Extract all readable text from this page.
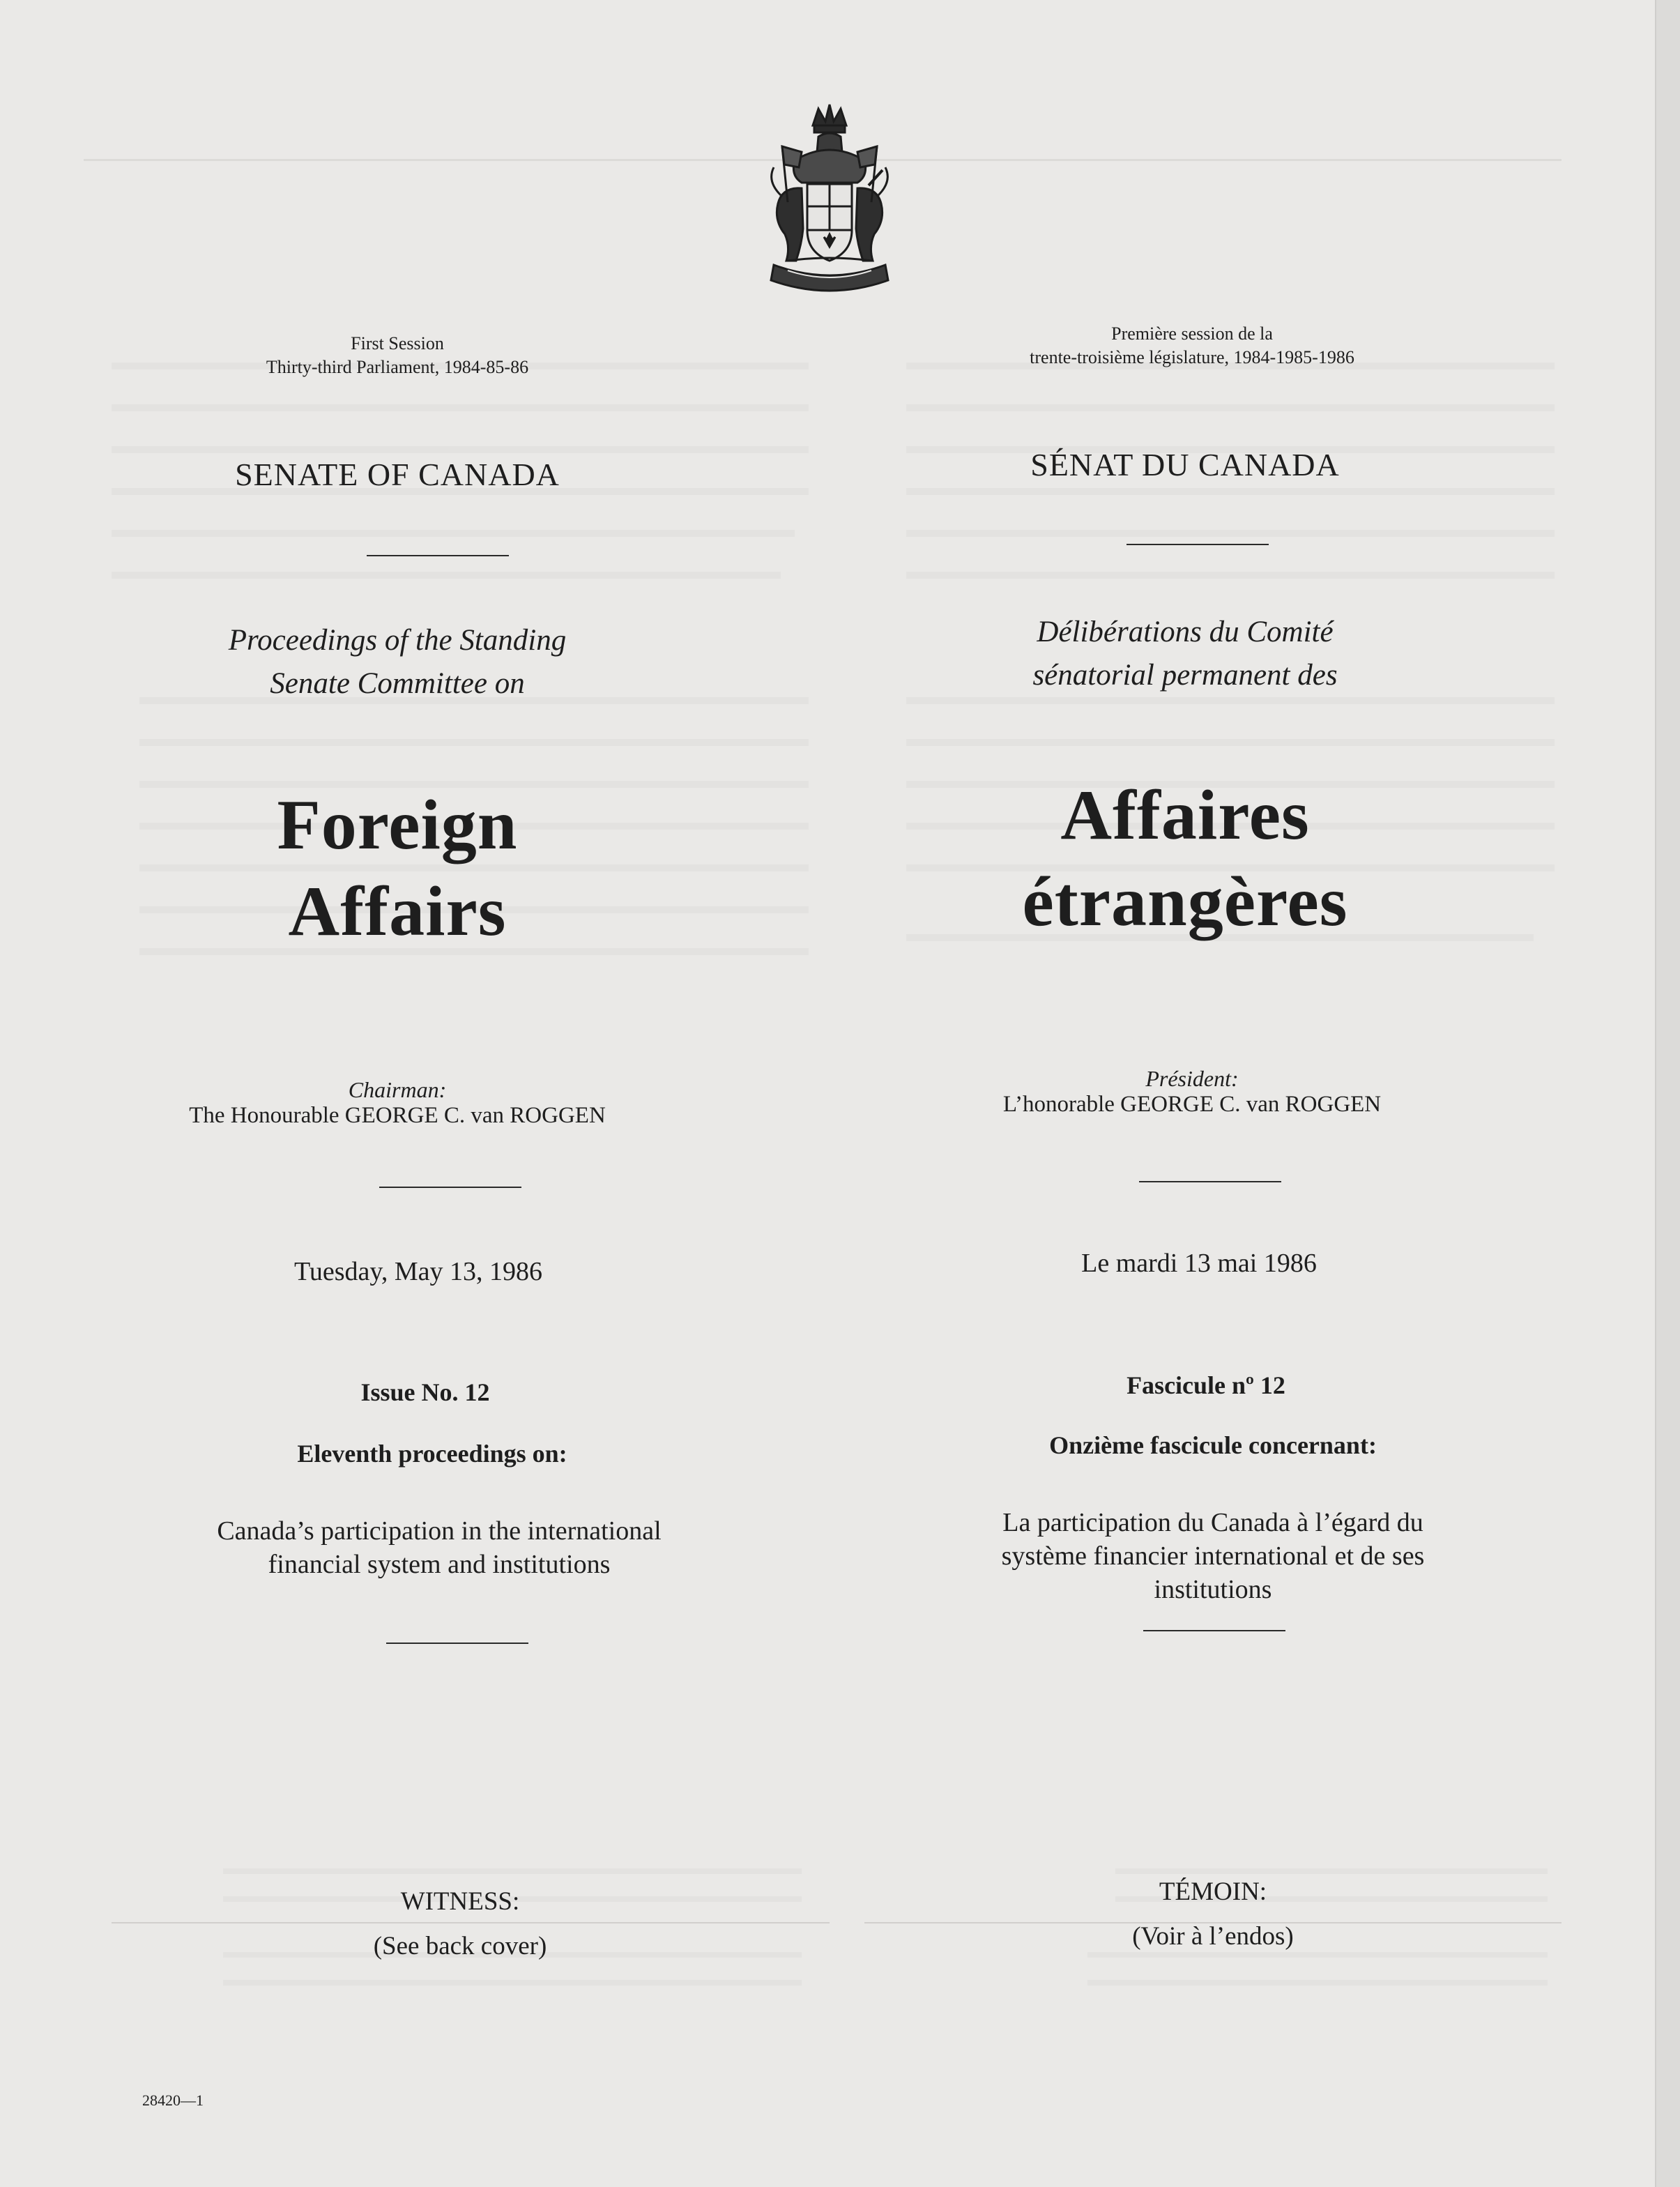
First Session
Thirty-third Parliament, 1984-85-86
Première session de la
trente-troisième législature, 1984-1985-1986
SENATE OF CANADA	SÉNAT DU CANADA
Proceedings of the Standing
Senate Committee on
Délibérations du Comité
sénatorial permanent des
Foreign
Affairs
Affaires
étrangères
Chairman:
The Honourable GEORGE C. van ROGGEN
Président:
L’honorable GEORGE C. van ROGGEN
Tuesday, May 13, 1986	Le mardi 13 mai 1986
Issue No. 12	Fascicule nº 12
Eleventh proceedings on:	Onzième fascicule concernant:
Canada’s participation in the international
financial system and institutions
La participation du Canada à l’égard du
système financier international et de ses
institutions
WITNESS:
(See back cover)
TÉMOIN:
(Voir à l’endos)
28420—1
